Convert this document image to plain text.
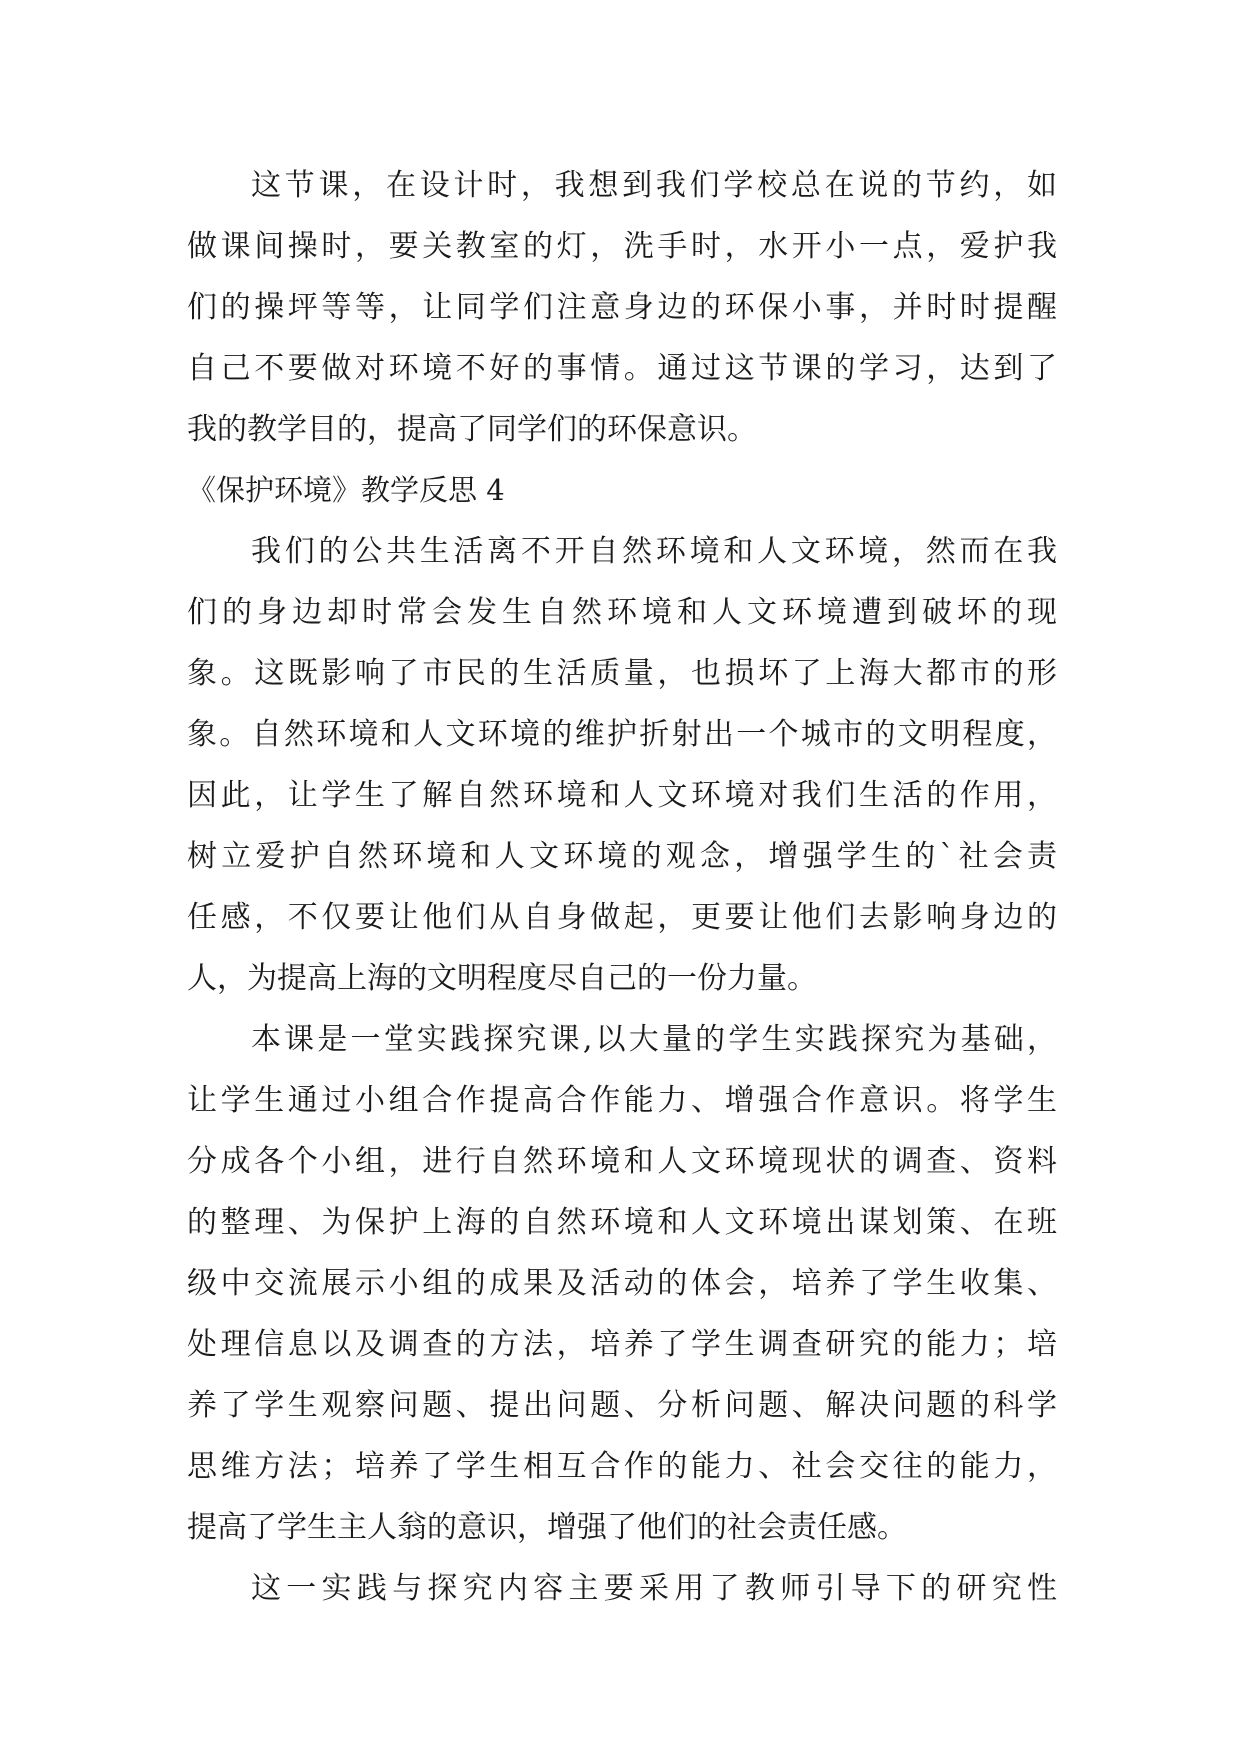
这节课，在设计时，我想到我们学校总在说的节约，如
做课间操时，要关教室的灯，洗手时，水开小一点，爱护我
们的操坪等等，让同学们注意身边的环保小事，并时时提醒
自己不要做对环境不好的事情。通过这节课的学习，达到了
我的教学目的，提高了同学们的环保意识。
《保护环境》教学反思 4
我们的公共生活离不开自然环境和人文环境，然而在我
们的身边却时常会发生自然环境和人文环境遭到破坏的现
象。这既影响了市民的生活质量，也损坏了上海大都市的形
象。自然环境和人文环境的维护折射出一个城市的文明程度，
因此，让学生了解自然环境和人文环境对我们生活的作用，
树立爱护自然环境和人文环境的观念，增强学生的`社会责
任感，不仅要让他们从自身做起，更要让他们去影响身边的
人，为提高上海的文明程度尽自己的一份力量。
本课是一堂实践探究课,以大量的学生实践探究为基础，
让学生通过小组合作提高合作能力、增强合作意识。将学生
分成各个小组，进行自然环境和人文环境现状的调查、资料
的整理、为保护上海的自然环境和人文环境出谋划策、在班
级中交流展示小组的成果及活动的体会，培养了学生收集、
处理信息以及调查的方法，培养了学生调查研究的能力；培
养了学生观察问题、提出问题、分析问题、解决问题的科学
思维方法；培养了学生相互合作的能力、社会交往的能力，
提高了学生主人翁的意识，增强了他们的社会责任感。
这一实践与探究内容主要采用了教师引导下的研究性
